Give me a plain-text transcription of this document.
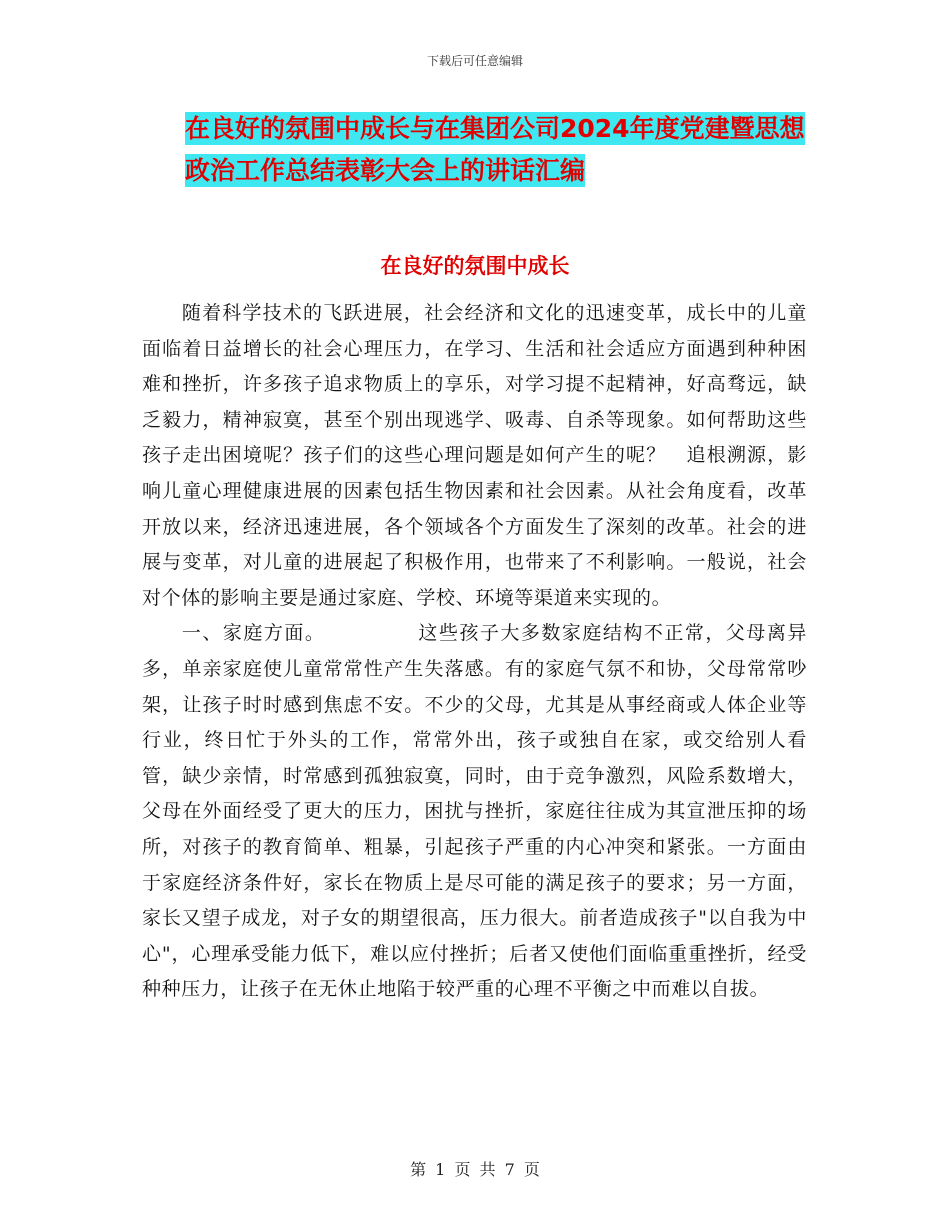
下载后可任意编辑
在良好的氛围中成长与在集团公司2024年度党建暨思想政治工作总结表彰大会上的讲话汇编
在良好的氛围中成长

随着科学技术的飞跃进展，社会经济和文化的迅速变革，成长中的儿童面临着日益增长的社会心理压力，在学习、生活和社会适应方面遇到种种困难和挫折，许多孩子追求物质上的享乐，对学习提不起精神，好高骛远，缺乏毅力，精神寂寞，甚至个别出现逃学、吸毒、自杀等现象。如何帮助这些孩子走出困境呢？孩子们的这些心理问题是如何产生的呢？　追根溯源，影响儿童心理健康进展的因素包括生物因素和社会因素。从社会角度看，改革开放以来，经济迅速进展，各个领域各个方面发生了深刻的改革。社会的进展与变革，对儿童的进展起了积极作用，也带来了不利影响。一般说，社会对个体的影响主要是通过家庭、学校、环境等渠道来实现的。

一、家庭方面。　　　　　这些孩子大多数家庭结构不正常，父母离异多，单亲家庭使儿童常常性产生失落感。有的家庭气氛不和协，父母常常吵架，让孩子时时感到焦虑不安。不少的父母，尤其是从事经商或人体企业等行业，终日忙于外头的工作，常常外出，孩子或独自在家，或交给别人看管，缺少亲情，时常感到孤独寂寞，同时，由于竞争激烈，风险系数增大，父母在外面经受了更大的压力，困扰与挫折，家庭往往成为其宣泄压抑的场所，对孩子的教育简单、粗暴，引起孩子严重的内心冲突和紧张。一方面由于家庭经济条件好，家长在物质上是尽可能的满足孩子的要求；另一方面，家长又望子成龙，对子女的期望很高，压力很大。前者造成孩子"以自我为中心"，心理承受能力低下，难以应付挫折；后者又使他们面临重重挫折，经受种种压力，让孩子在无休止地陷于较严重的心理不平衡之中而难以自拔。

第 1 页 共 7 页
